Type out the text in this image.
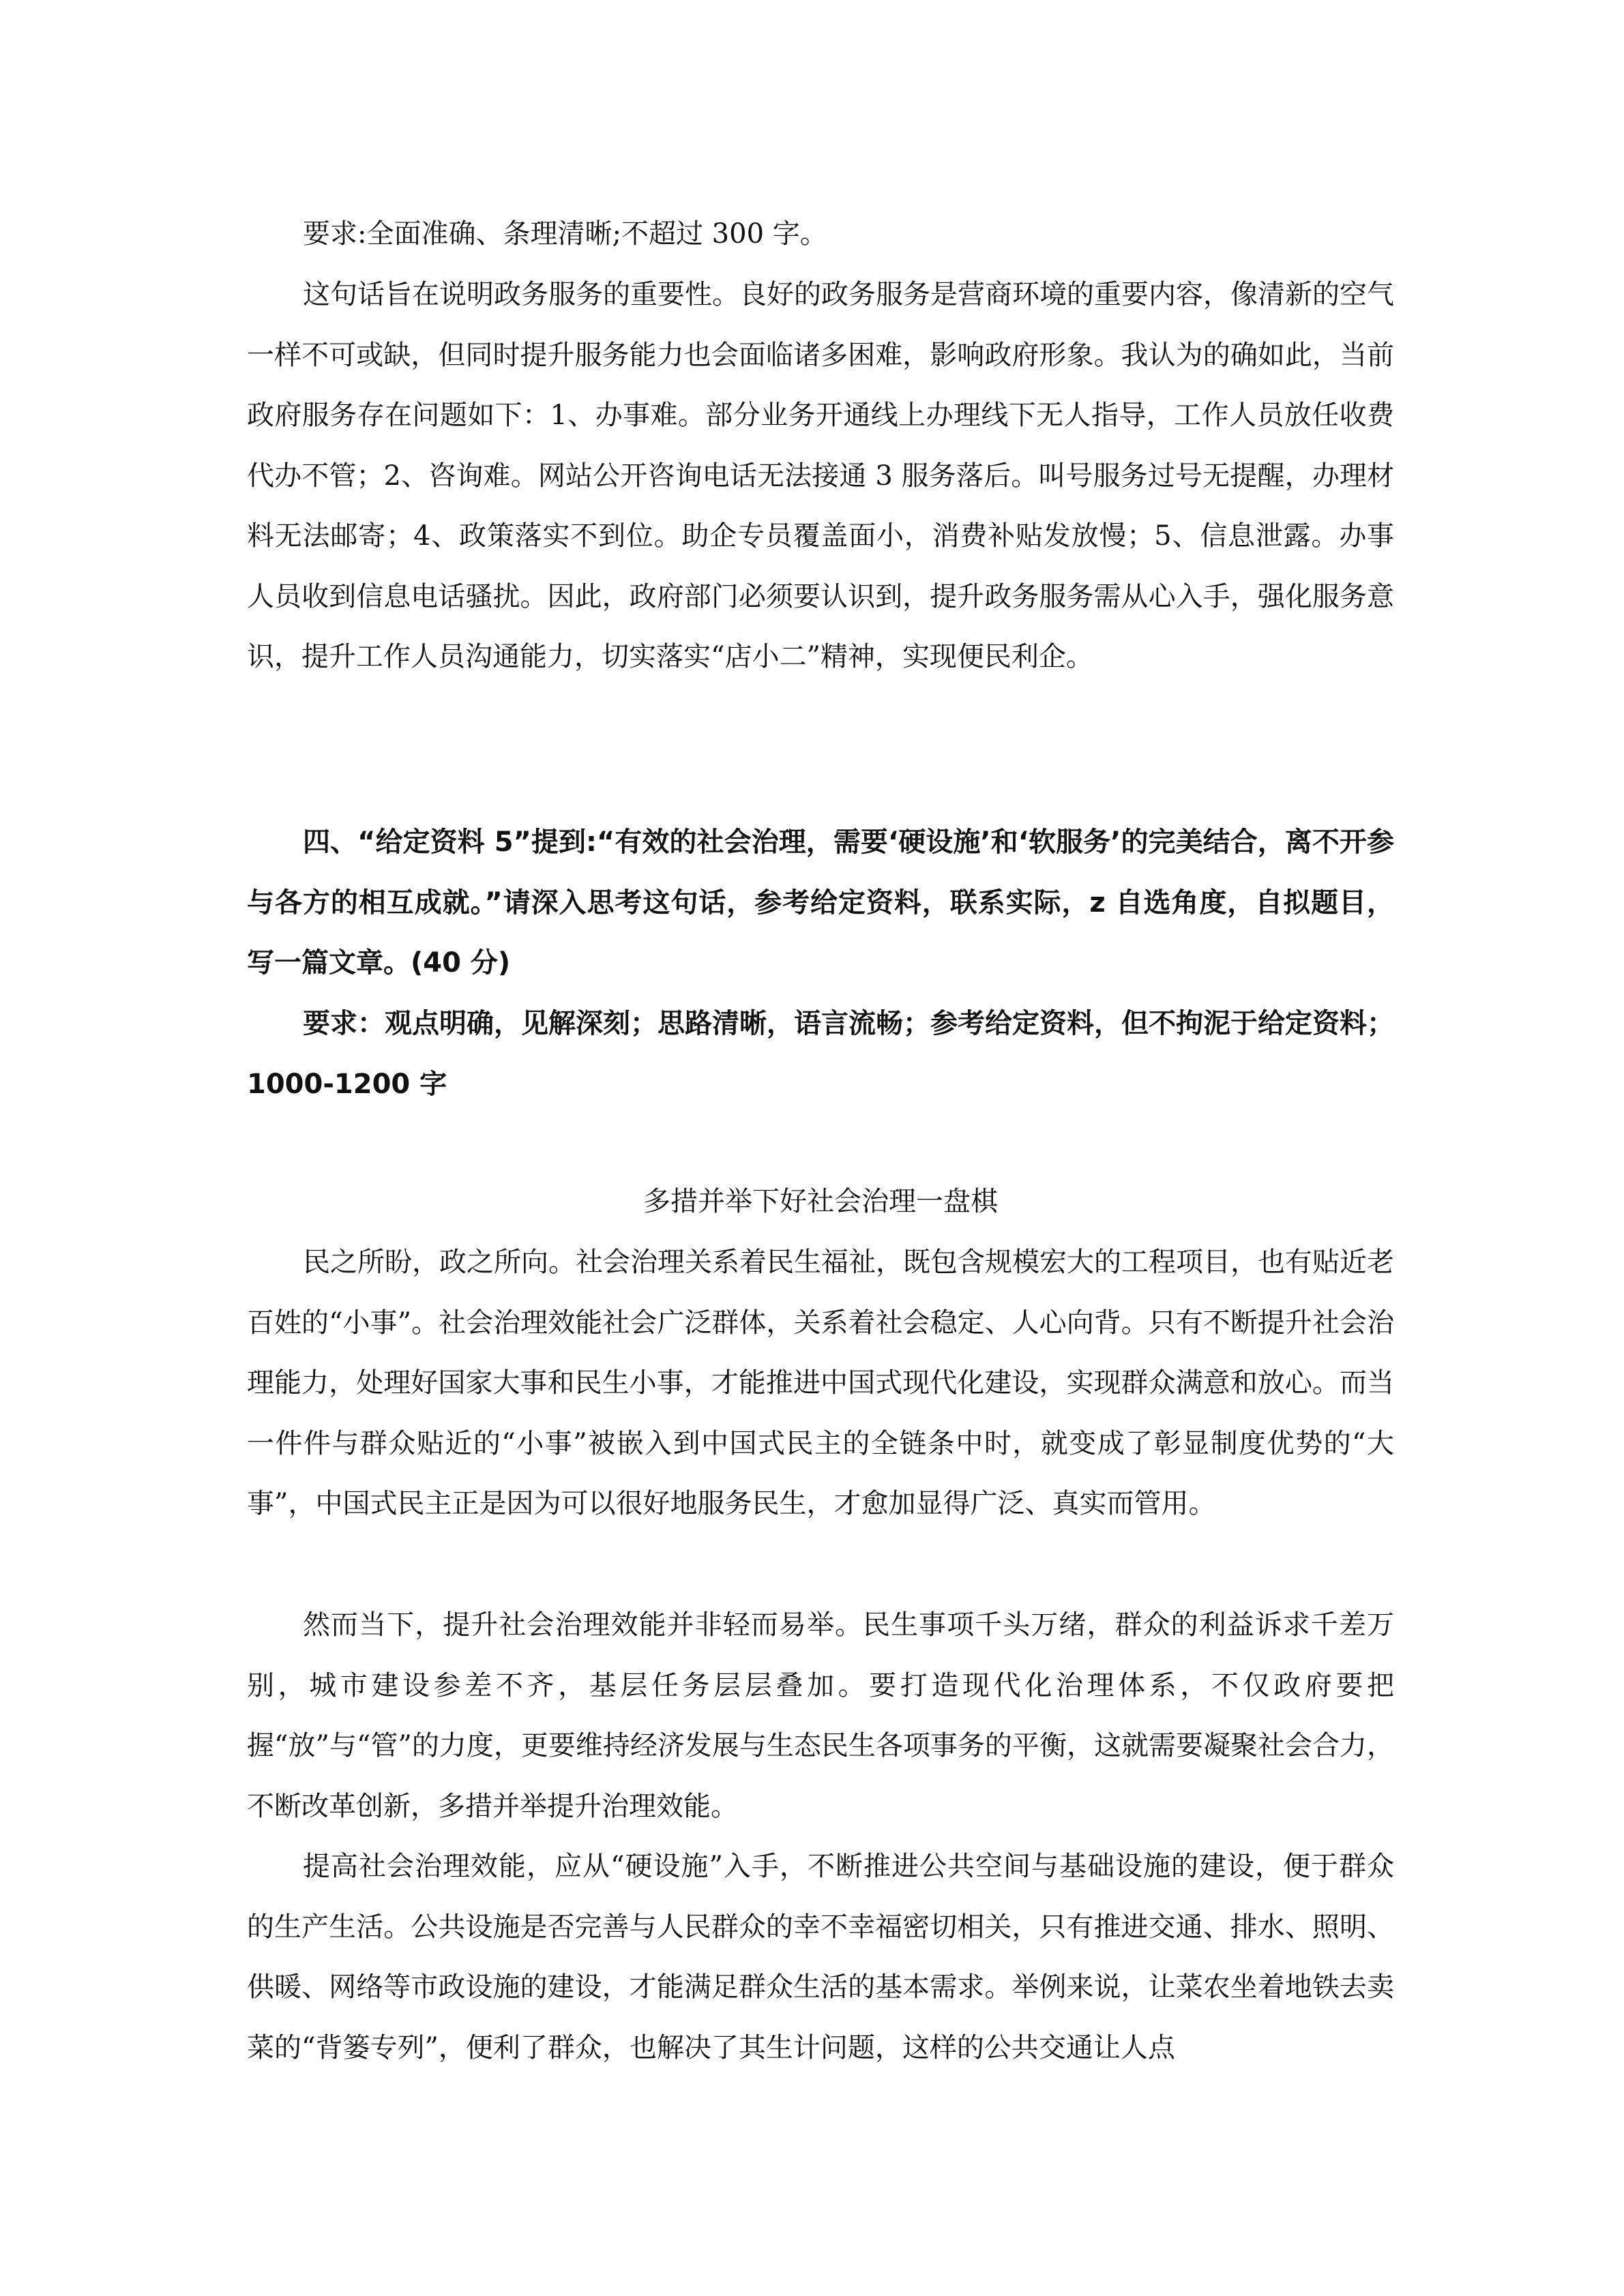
要求:全面准确、条理清晰;不超过 300 字。

这句话旨在说明政务服务的重要性。良好的政务服务是营商环境的重要内容，像清新的空气一样不可或缺，但同时提升服务能力也会面临诸多困难，影响政府形象。我认为的确如此，当前政府服务存在问题如下：1、办事难。部分业务开通线上办理线下无人指导，工作人员放任收费代办不管；2、咨询难。网站公开咨询电话无法接通 3 服务落后。叫号服务过号无提醒，办理材料无法邮寄；4、政策落实不到位。助企专员覆盖面小，消费补贴发放慢；5、信息泄露。办事人员收到信息电话骚扰。因此，政府部门必须要认识到，提升政务服务需从心入手，强化服务意识，提升工作人员沟通能力，切实落实“店小二”精神，实现便民利企。

四、“给定资料 5”提到:“有效的社会治理，需要‘硬设施’和‘软服务’的完美结合，离不开参与各方的相互成就。”请深入思考这句话，参考给定资料，联系实际，z 自选角度，自拟题目，写一篇文章。(40 分)

要求：观点明确，见解深刻；思路清晰，语言流畅；参考给定资料，但不拘泥于给定资料；1000-1200 字

多措并举下好社会治理一盘棋

民之所盼，政之所向。社会治理关系着民生福祉，既包含规模宏大的工程项目，也有贴近老百姓的“小事”。社会治理效能社会广泛群体，关系着社会稳定、人心向背。只有不断提升社会治理能力，处理好国家大事和民生小事，才能推进中国式现代化建设，实现群众满意和放心。而当一件件与群众贴近的“小事”被嵌入到中国式民主的全链条中时，就变成了彰显制度优势的“大事”，中国式民主正是因为可以很好地服务民生，才愈加显得广泛、真实而管用。

然而当下，提升社会治理效能并非轻而易举。民生事项千头万绪，群众的利益诉求千差万别，城市建设参差不齐，基层任务层层叠加。要打造现代化治理体系，不仅政府要把握“放”与“管”的力度，更要维持经济发展与生态民生各项事务的平衡，这就需要凝聚社会合力，不断改革创新，多措并举提升治理效能。

提高社会治理效能，应从“硬设施”入手，不断推进公共空间与基础设施的建设，便于群众的生产生活。公共设施是否完善与人民群众的幸不幸福密切相关，只有推进交通、排水、照明、供暖、网络等市政设施的建设，才能满足群众生活的基本需求。举例来说，让菜农坐着地铁去卖菜的“背篓专列”，便利了群众，也解决了其生计问题，这样的公共交通让人点
